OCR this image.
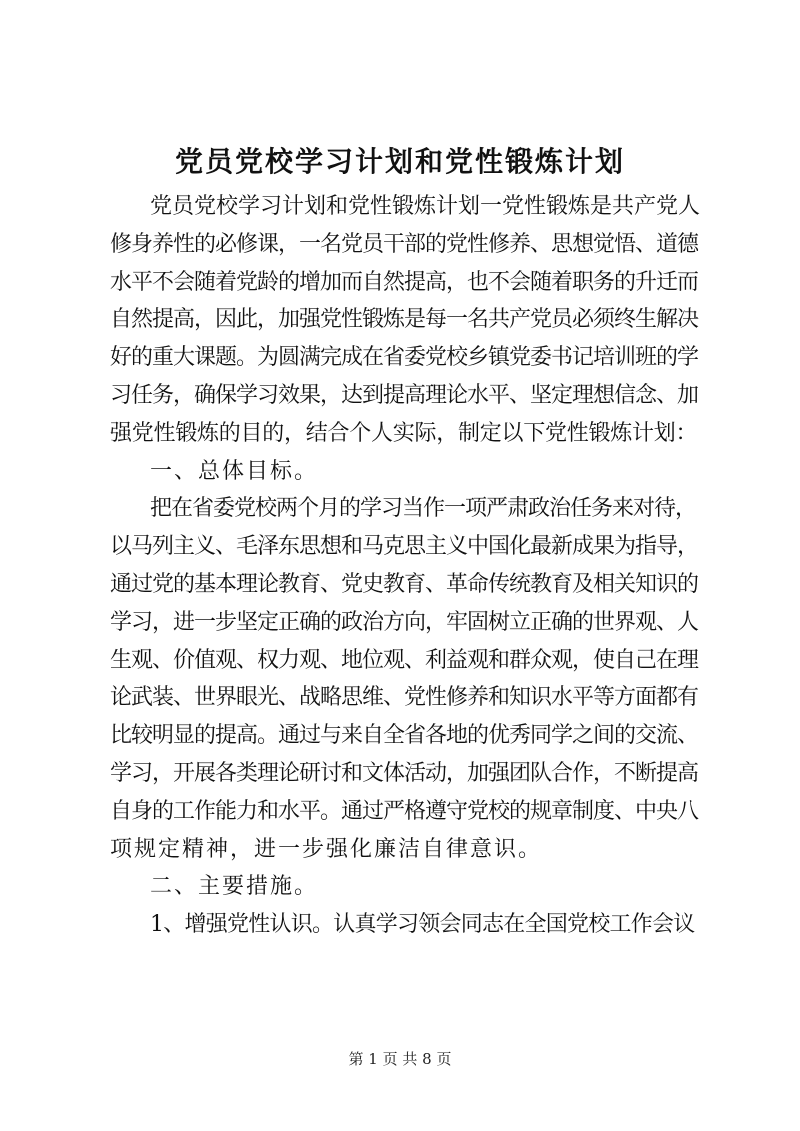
党员党校学习计划和党性锻炼计划
党员党校学习计划和党性锻炼计划一党性锻炼是共产党人
修身养性的必修课，一名党员干部的党性修养、思想觉悟、道德
水平不会随着党龄的增加而自然提高，也不会随着职务的升迁而
自然提高，因此，加强党性锻炼是每一名共产党员必须终生解决
好的重大课题。为圆满完成在省委党校乡镇党委书记培训班的学
习任务，确保学习效果，达到提高理论水平、坚定理想信念、加
强党性锻炼的目的，结合个人实际，制定以下党性锻炼计划：
一、总体目标。
把在省委党校两个月的学习当作一项严肃政治任务来对待，
以马列主义、毛泽东思想和马克思主义中国化最新成果为指导，
通过党的基本理论教育、党史教育、革命传统教育及相关知识的
学习，进一步坚定正确的政治方向，牢固树立正确的世界观、人
生观、价值观、权力观、地位观、利益观和群众观，使自己在理
论武装、世界眼光、战略思维、党性修养和知识水平等方面都有
比较明显的提高。通过与来自全省各地的优秀同学之间的交流、
学习，开展各类理论研讨和文体活动，加强团队合作，不断提高
自身的工作能力和水平。通过严格遵守党校的规章制度、中央八
项规定精神，进一步强化廉洁自律意识。
二、主要措施。
1、增强党性认识。认真学习领会同志在全国党校工作会议
第 1 页 共 8 页
